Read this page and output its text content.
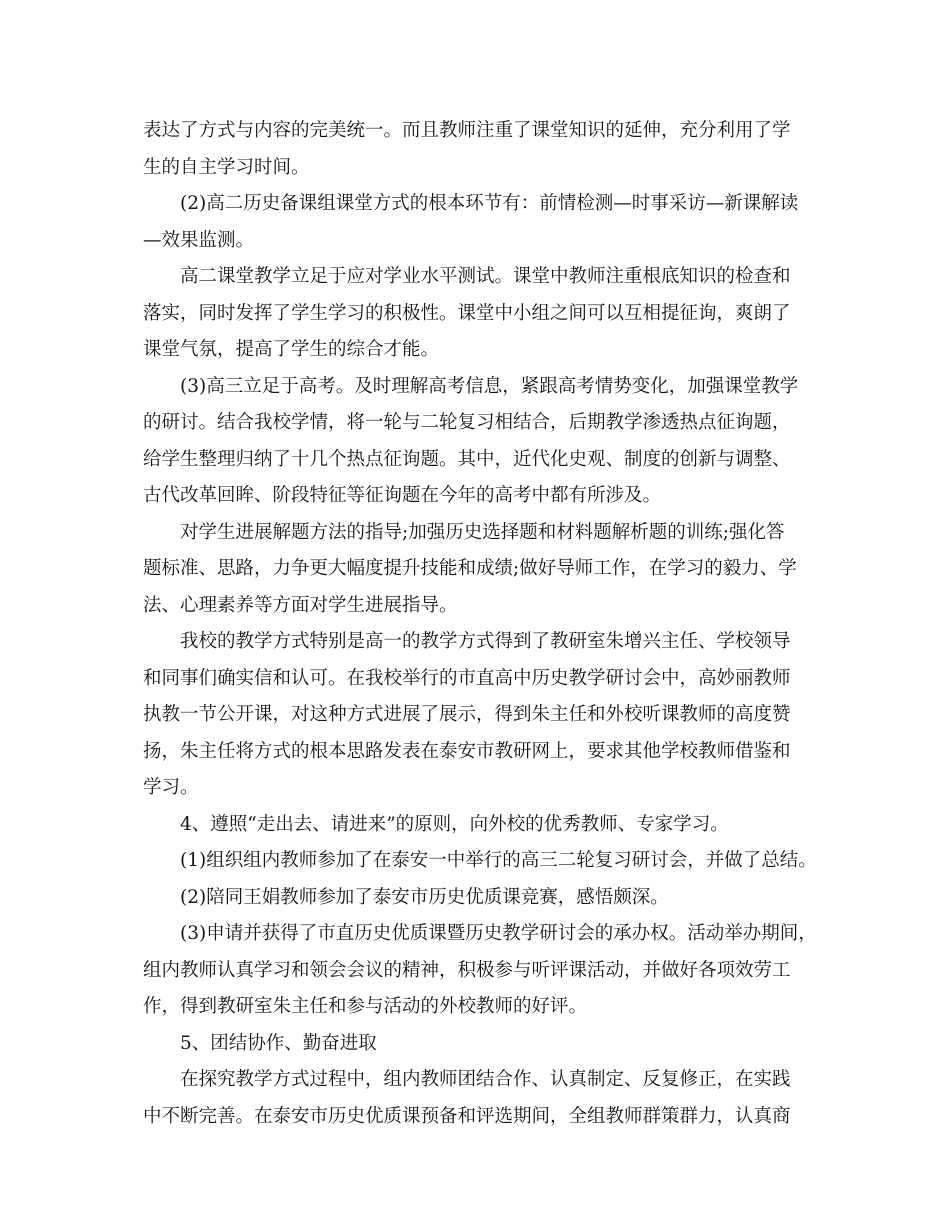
表达了方式与内容的完美统一。而且教师注重了课堂知识的延伸，充分利用了学
生的自主学习时间。
(2)高二历史备课组课堂方式的根本环节有：前情检测—时事采访—新课解读
—效果监测。
高二课堂教学立足于应对学业水平测试。课堂中教师注重根底知识的检查和
落实，同时发挥了学生学习的积极性。课堂中小组之间可以互相提征询，爽朗了
课堂气氛，提高了学生的综合才能。
(3)高三立足于高考。及时理解高考信息，紧跟高考情势变化，加强课堂教学
的研讨。结合我校学情，将一轮与二轮复习相结合，后期教学渗透热点征询题，
给学生整理归纳了十几个热点征询题。其中，近代化史观、制度的创新与调整、
古代改革回眸、阶段特征等征询题在今年的高考中都有所涉及。
对学生进展解题方法的指导;加强历史选择题和材料题解析题的训练;强化答
题标准、思路，力争更大幅度提升技能和成绩;做好导师工作，在学习的毅力、学
法、心理素养等方面对学生进展指导。
我校的教学方式特别是高一的教学方式得到了教研室朱增兴主任、学校领导
和同事们确实信和认可。在我校举行的市直高中历史教学研讨会中，高妙丽教师
执教一节公开课，对这种方式进展了展示，得到朱主任和外校听课教师的高度赞
扬，朱主任将方式的根本思路发表在泰安市教研网上，要求其他学校教师借鉴和
学习。
4、遵照“走出去、请进来”的原则，向外校的优秀教师、专家学习。
(1)组织组内教师参加了在泰安一中举行的高三二轮复习研讨会，并做了总结。
(2)陪同王娟教师参加了泰安市历史优质课竞赛，感悟颇深。
(3)申请并获得了市直历史优质课暨历史教学研讨会的承办权。活动举办期间，
组内教师认真学习和领会会议的精神，积极参与听评课活动，并做好各项效劳工
作，得到教研室朱主任和参与活动的外校教师的好评。
5、团结协作、勤奋进取
在探究教学方式过程中，组内教师团结合作、认真制定、反复修正，在实践
中不断完善。在泰安市历史优质课预备和评选期间，全组教师群策群力，认真商
